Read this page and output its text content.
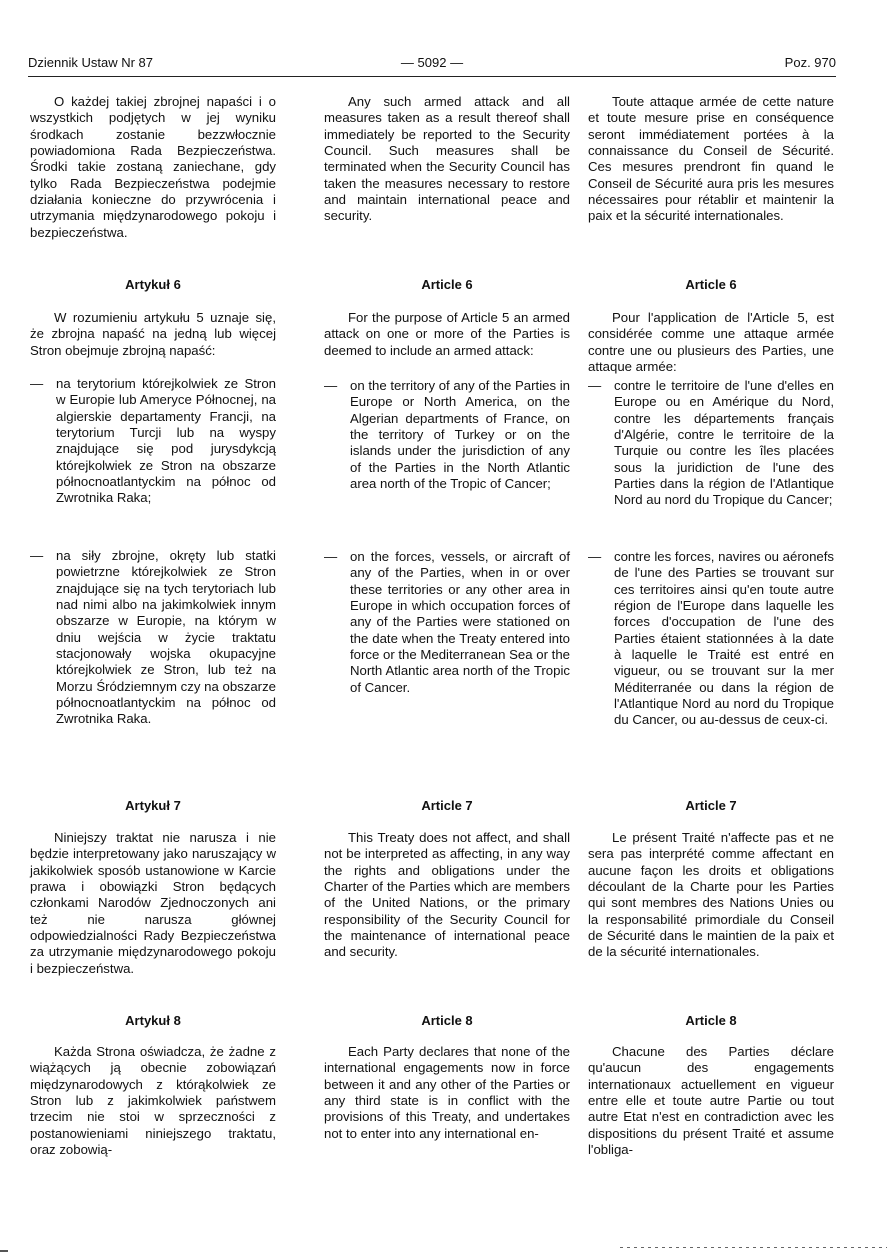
Dziennik Ustaw Nr 87	— 5092 —	Poz. 970

O każdej takiej zbrojnej napaści i o wszystkich podjętych w jej wyniku środkach zostanie bezzwłocznie powiadomiona Rada Bezpieczeństwa. Środki takie zostaną zaniechane, gdy tylko Rada Bezpieczeństwa podejmie działania konieczne do przywrócenia i utrzymania międzynarodowego pokoju i bezpieczeństwa.

Artykuł 6

W rozumieniu artykułu 5 uznaje się, że zbrojna napaść na jedną lub więcej Stron obejmuje zbrojną napaść:

— na terytorium którejkolwiek ze Stron w Europie lub Ameryce Północnej, na algierskie departamenty Francji, na terytorium Turcji lub na wyspy znajdujące się pod jurysdykcją którejkolwiek ze Stron na obszarze północnoatlantyckim na północ od Zwrotnika Raka;
— na siły zbrojne, okręty lub statki powietrzne którejkolwiek ze Stron znajdujące się na tych terytoriach lub nad nimi albo na jakimkolwiek innym obszarze w Europie, na którym w dniu wejścia w życie traktatu stacjonowały wojska okupacyjne którejkolwiek ze Stron, lub też na Morzu Śródziemnym czy na obszarze północnoatlantyckim na północ od Zwrotnika Raka.
Artykuł 7

Niniejszy traktat nie narusza i nie będzie interpretowany jako naruszający w jakikolwiek sposób ustanowione w Karcie prawa i obowiązki Stron będących członkami Narodów Zjednoczonych ani też nie narusza głównej odpowiedzialności Rady Bezpieczeństwa za utrzymanie międzynarodowego pokoju i bezpieczeństwa.

Artykuł 8

Każda Strona oświadcza, że żadne z wiążących ją obecnie zobowiązań międzynarodowych z którąkolwiek ze Stron lub z jakimkolwiek państwem trzecim nie stoi w sprzeczności z postanowieniami niniejszego traktatu, oraz zobowią-

Any such armed attack and all measures taken as a result thereof shall immediately be reported to the Security Council. Such measures shall be terminated when the Security Council has taken the measures necessary to restore and maintain international peace and security.

Article 6

For the purpose of Article 5 an armed attack on one or more of the Parties is deemed to include an armed attack:

— on the territory of any of the Parties in Europe or North America, on the Algerian departments of France, on the territory of Turkey or on the islands under the jurisdiction of any of the Parties in the North Atlantic area north of the Tropic of Cancer;
— on the forces, vessels, or aircraft of any of the Parties, when in or over these territories or any other area in Europe in which occupation forces of any of the Parties were stationed on the date when the Treaty entered into force or the Mediterranean Sea or the North Atlantic area north of the Tropic of Cancer.
Article 7

This Treaty does not affect, and shall not be interpreted as affecting, in any way the rights and obligations under the Charter of the Parties which are members of the United Nations, or the primary responsibility of the Security Council for the maintenance of international peace and security.

Article 8

Each Party declares that none of the international engagements now in force between it and any other of the Parties or any third state is in conflict with the provisions of this Treaty, and undertakes not to enter into any international en-

Toute attaque armée de cette nature et toute mesure prise en conséquence seront immédiatement portées à la connaissance du Conseil de Sécurité. Ces mesures prendront fin quand le Conseil de Sécurité aura pris les mesures nécessaires pour rétablir et maintenir la paix et la sécurité internationales.

Article 6

Pour l'application de l'Article 5, est considérée comme une attaque armée contre une ou plusieurs des Parties, une attaque armée:

— contre le territoire de l'une d'elles en Europe ou en Amérique du Nord, contre les départements français d'Algérie, contre le territoire de la Turquie ou contre les îles placées sous la juridiction de l'une des Parties dans la région de l'Atlantique Nord au nord du Tropique du Cancer;
— contre les forces, navires ou aéronefs de l'une des Parties se trouvant sur ces territoires ainsi qu'en toute autre région de l'Europe dans laquelle les forces d'occupation de l'une des Parties étaient stationnées à la date à laquelle le Traité est entré en vigueur, ou se trouvant sur la mer Méditerranée ou dans la région de l'Atlantique Nord au nord du Tropique du Cancer, ou au-dessus de ceux-ci.
Article 7

Le présent Traité n'affecte pas et ne sera pas interprété comme affectant en aucune façon les droits et obligations découlant de la Charte pour les Parties qui sont membres des Nations Unies ou la responsabilité primordiale du Conseil de Sécurité dans le maintien de la paix et de la sécurité internationales.

Article 8

Chacune des Parties déclare qu'aucun des engagements internationaux actuellement en vigueur entre elle et toute autre Partie ou tout autre Etat n'est en contradiction avec les dispositions du présent Traité et assume l'obliga-
